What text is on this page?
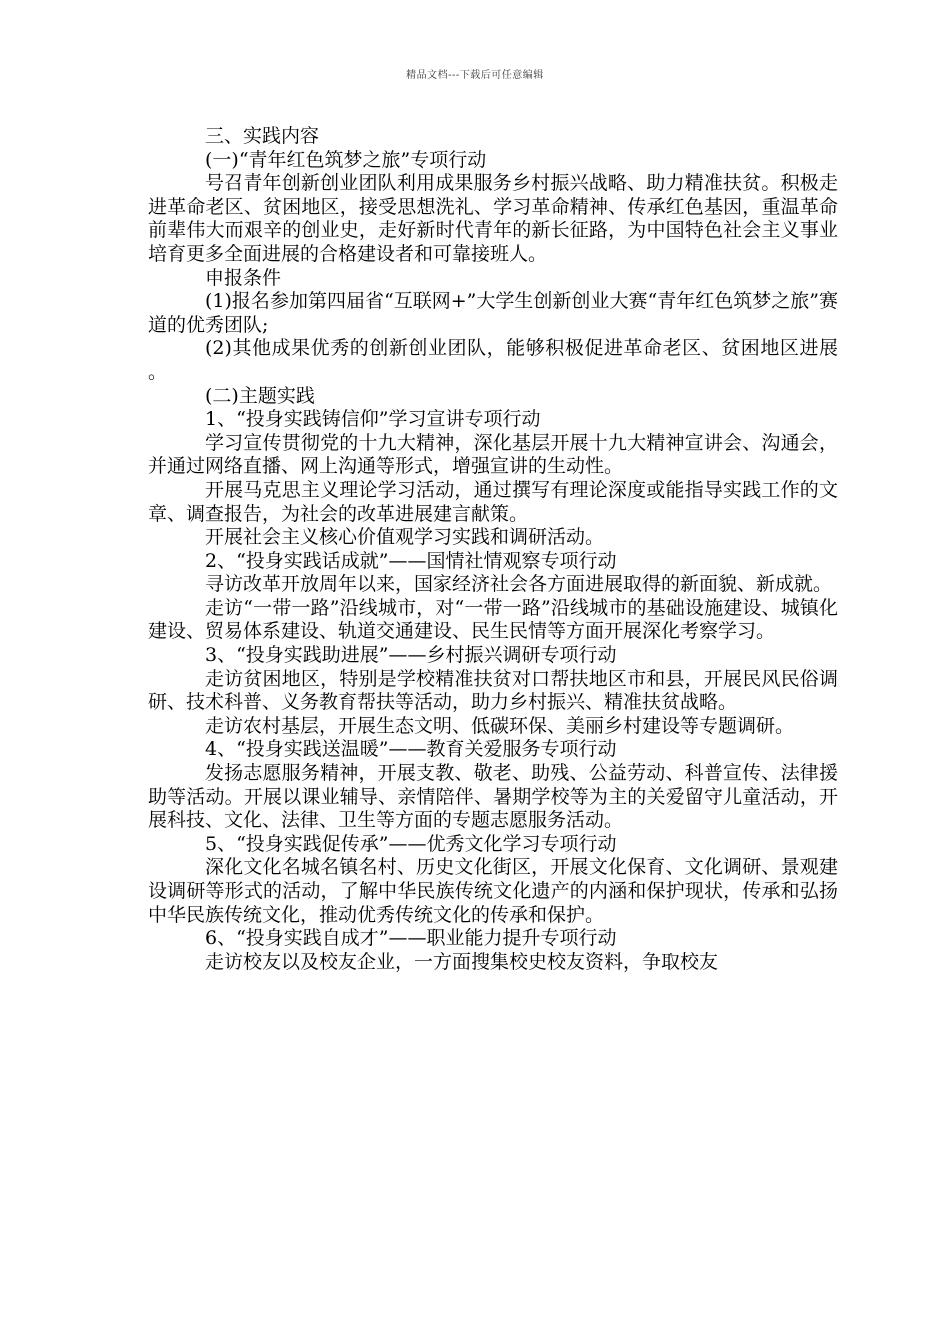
精品文档---下载后可任意编辑

三、实践内容

(一)“青年红色筑梦之旅”专项行动

号召青年创新创业团队利用成果服务乡村振兴战略、助力精准扶贫。积极走进革命老区、贫困地区，接受思想洗礼、学习革命精神、传承红色基因，重温革命前辈伟大而艰辛的创业史，走好新时代青年的新长征路，为中国特色社会主义事业培育更多全面进展的合格建设者和可靠接班人。

申报条件

(1)报名参加第四届省“互联网+”大学生创新创业大赛“青年红色筑梦之旅”赛道的优秀团队;

(2)其他成果优秀的创新创业团队，能够积极促进革命老区、贫困地区进展。

(二)主题实践

1、“投身实践铸信仰”学习宣讲专项行动

学习宣传贯彻党的十九大精神，深化基层开展十九大精神宣讲会、沟通会，并通过网络直播、网上沟通等形式，增强宣讲的生动性。

开展马克思主义理论学习活动，通过撰写有理论深度或能指导实践工作的文章、调查报告，为社会的改革进展建言献策。

开展社会主义核心价值观学习实践和调研活动。

2、“投身实践话成就”——国情社情观察专项行动

寻访改革开放周年以来，国家经济社会各方面进展取得的新面貌、新成就。

走访“一带一路”沿线城市，对“一带一路”沿线城市的基础设施建设、城镇化建设、贸易体系建设、轨道交通建设、民生民情等方面开展深化考察学习。

3、“投身实践助进展”——乡村振兴调研专项行动

走访贫困地区，特别是学校精准扶贫对口帮扶地区市和县，开展民风民俗调研、技术科普、义务教育帮扶等活动，助力乡村振兴、精准扶贫战略。

走访农村基层，开展生态文明、低碳环保、美丽乡村建设等专题调研。

4、“投身实践送温暖”——教育关爱服务专项行动

发扬志愿服务精神，开展支教、敬老、助残、公益劳动、科普宣传、法律援助等活动。开展以课业辅导、亲情陪伴、暑期学校等为主的关爱留守儿童活动，开展科技、文化、法律、卫生等方面的专题志愿服务活动。

5、“投身实践促传承”——优秀文化学习专项行动

深化文化名城名镇名村、历史文化街区，开展文化保育、文化调研、景观建设调研等形式的活动，了解中华民族传统文化遗产的内涵和保护现状，传承和弘扬中华民族传统文化，推动优秀传统文化的传承和保护。

6、“投身实践自成才”——职业能力提升专项行动

走访校友以及校友企业，一方面搜集校史校友资料，争取校友
